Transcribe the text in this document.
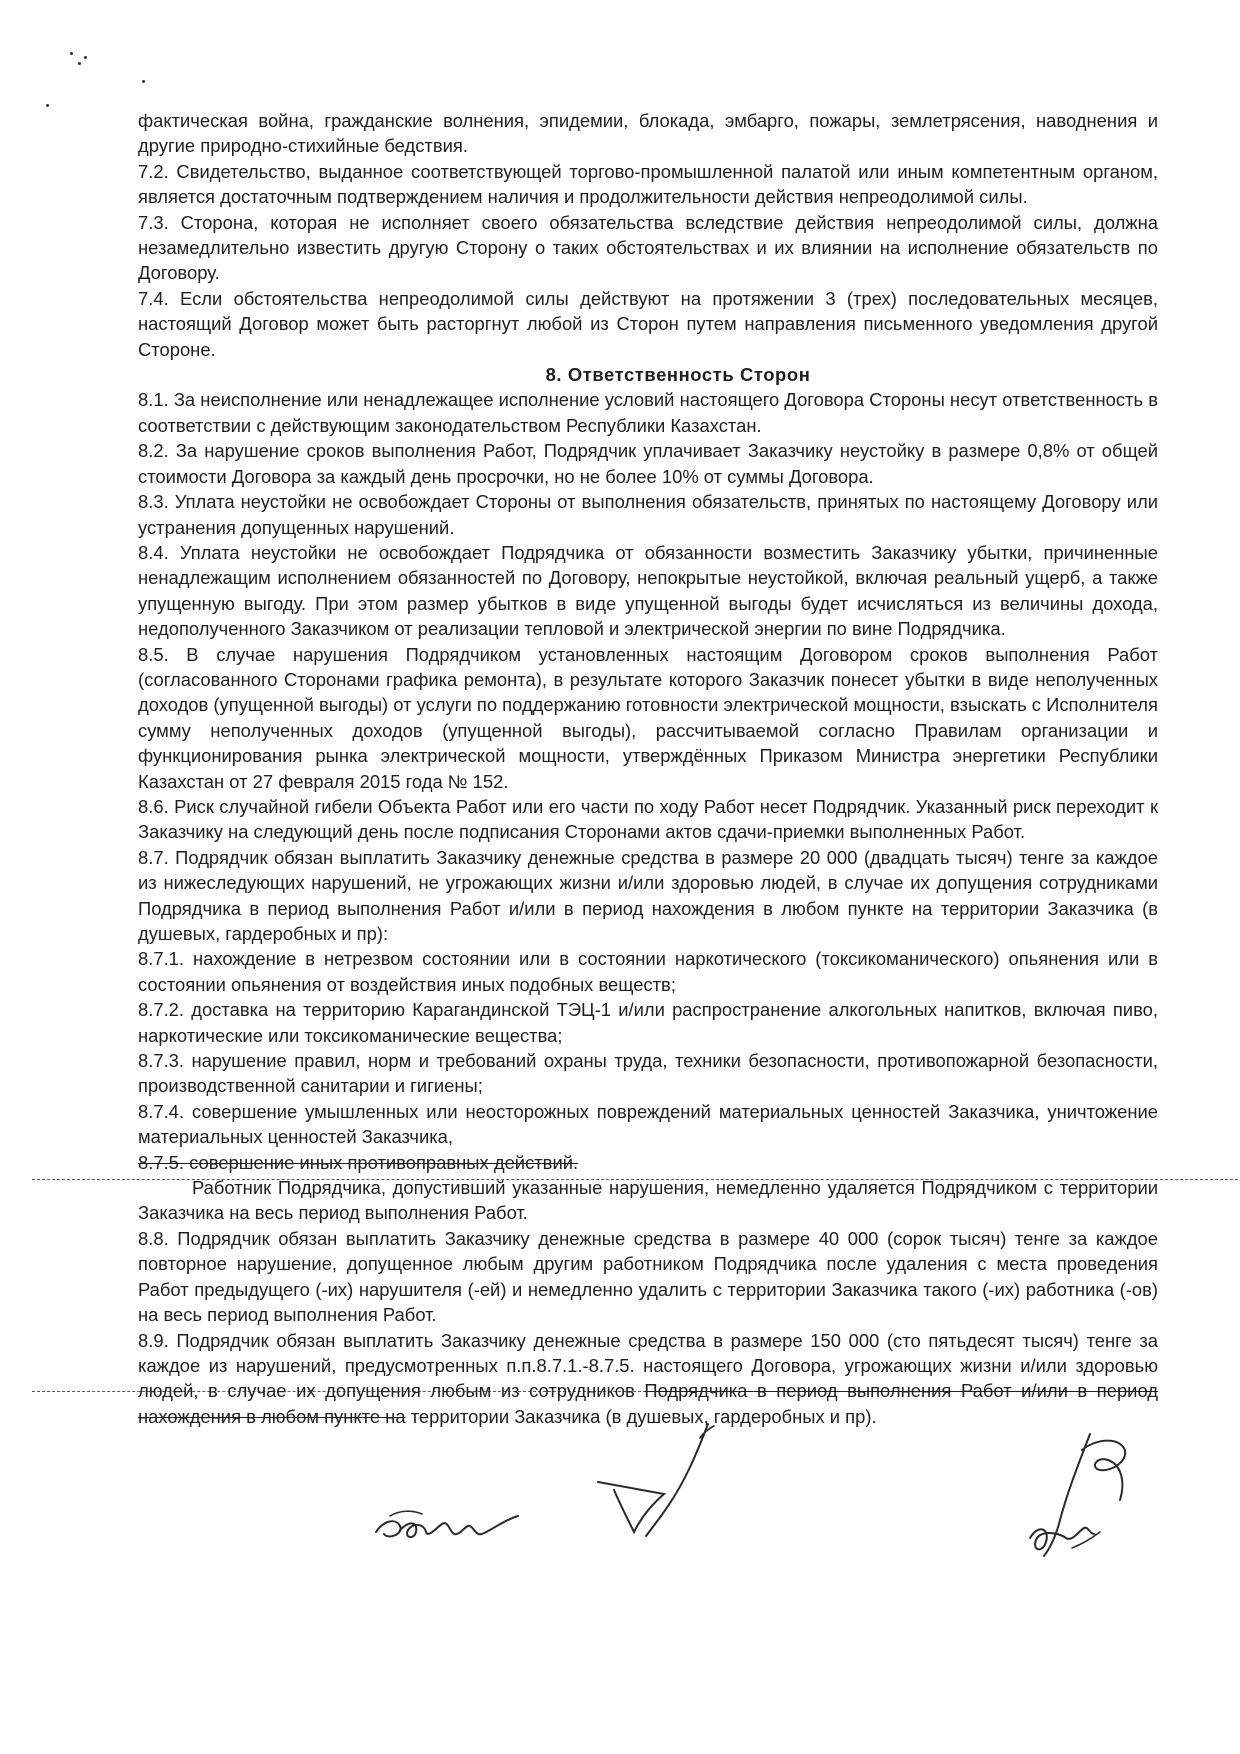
фактическая война, гражданские волнения, эпидемии, блокада, эмбарго, пожары, землетрясения, наводнения и другие природно-стихийные бедствия.

7.2. Свидетельство, выданное соответствующей торгово-промышленной палатой или иным компетентным органом, является достаточным подтверждением наличия и продолжительности действия непреодолимой силы.

7.3. Сторона, которая не исполняет своего обязательства вследствие действия непреодолимой силы, должна незамедлительно известить другую Сторону о таких обстоятельствах и их влиянии на исполнение обязательств по Договору.

7.4. Если обстоятельства непреодолимой силы действуют на протяжении 3 (трех) последовательных месяцев, настоящий Договор может быть расторгнут любой из Сторон путем направления письменного уведомления другой Стороне.

8. Ответственность Сторон

8.1. За неисполнение или ненадлежащее исполнение условий настоящего Договора Стороны несут ответственность в соответствии с действующим законодательством Республики Казахстан.

8.2. За нарушение сроков выполнения Работ, Подрядчик уплачивает Заказчику неустойку в размере 0,8% от общей стоимости Договора за каждый день просрочки, но не более 10% от суммы Договора.

8.3. Уплата неустойки не освобождает Стороны от выполнения обязательств, принятых по настоящему Договору или устранения допущенных нарушений.

8.4. Уплата неустойки не освобождает Подрядчика от обязанности возместить Заказчику убытки, причиненные ненадлежащим исполнением обязанностей по Договору, непокрытые неустойкой, включая реальный ущерб, а также упущенную выгоду. При этом размер убытков в виде упущенной выгоды будет исчисляться из величины дохода, недополученного Заказчиком от реализации тепловой и электрической энергии по вине Подрядчика.

8.5. В случае нарушения Подрядчиком установленных настоящим Договором сроков выполнения Работ (согласованного Сторонами графика ремонта), в результате которого Заказчик понесет убытки в виде неполученных доходов (упущенной выгоды) от услуги по поддержанию готовности электрической мощности, взыскать с Исполнителя сумму неполученных доходов (упущенной выгоды), рассчитываемой согласно Правилам организации и функционирования рынка электрической мощности, утверждённых Приказом Министра энергетики Республики Казахстан от 27 февраля 2015 года № 152.

8.6. Риск случайной гибели Объекта Работ или его части по ходу Работ несет Подрядчик. Указанный риск переходит к Заказчику на следующий день после подписания Сторонами актов сдачи-приемки выполненных Работ.

8.7. Подрядчик обязан выплатить Заказчику денежные средства в размере 20 000 (двадцать тысяч) тенге за каждое из нижеследующих нарушений, не угрожающих жизни и/или здоровью людей, в случае их допущения сотрудниками Подрядчика в период выполнения Работ и/или в период нахождения в любом пункте на территории Заказчика (в душевых, гардеробных и пр):

8.7.1. нахождение в нетрезвом состоянии или в состоянии наркотического (токсикоманического) опьянения или в состоянии опьянения от воздействия иных подобных веществ;

8.7.2. доставка на территорию Карагандинской ТЭЦ-1 и/или распространение алкогольных напитков, включая пиво, наркотические или токсикоманические вещества;

8.7.3. нарушение правил, норм и требований охраны труда, техники безопасности, противопожарной безопасности, производственной санитарии и гигиены;

8.7.4. совершение умышленных или неосторожных повреждений материальных ценностей Заказчика, уничтожение материальных ценностей Заказчика,

8.7.5. совершение иных противоправных действий.

Работник Подрядчика, допустивший указанные нарушения, немедленно удаляется Подрядчиком с территории Заказчика на весь период выполнения Работ.

8.8. Подрядчик обязан выплатить Заказчику денежные средства в размере 40 000 (сорок тысяч) тенге за каждое повторное нарушение, допущенное любым другим работником Подрядчика после удаления с места проведения Работ предыдущего (-их) нарушителя (-ей) и немедленно удалить с территории Заказчика такого (-их) работника (-ов) на весь период выполнения Работ.

8.9. Подрядчик обязан выплатить Заказчику денежные средства в размере 150 000 (сто пятьдесят тысяч) тенге за каждое из нарушений, предусмотренных п.п.8.7.1.-8.7.5. настоящего Договора, угрожающих жизни и/или здоровью людей, в случае их допущения любым из сотрудников Подрядчика в период выполнения Работ и/или в период нахождения в любом пункте на территории Заказчика (в душевых, гардеробных и пр).
